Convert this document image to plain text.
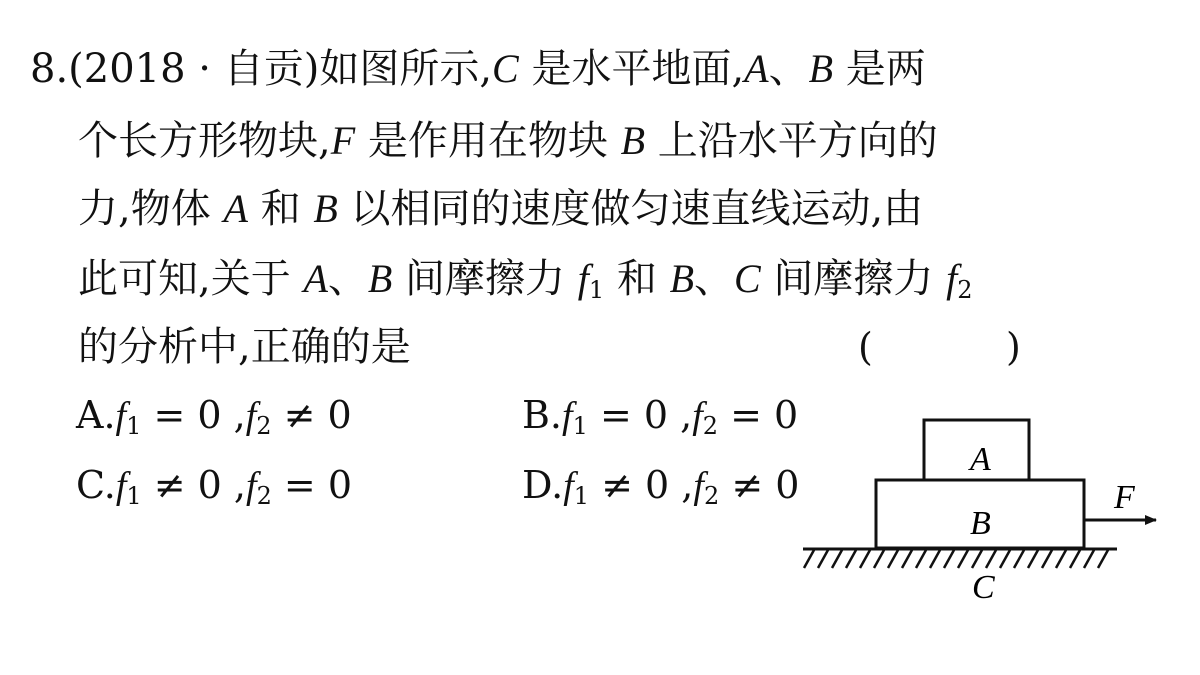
8.(2018 · 自贡)如图所示,C 是水平地面,A、B 是两
个长方形物块,F 是作用在物块 B 上沿水平方向的
力,物体 A 和 B 以相同的速度做匀速直线运动,由
此可知,关于 A、B 间摩擦力 $f_1$ 和 B、C 间摩擦力 $f_2$
的分析中,正确的是	(	)
$A.f_1 = 0$ $,f_2 \ne 0$	$B.f_1 = 0$ $,f_2 = 0$
$C.f_1 \ne 0$ $,f_2 = 0$	$D.f_1 \ne 0$ $,f_2 \ne 0$
A
B
F
C
